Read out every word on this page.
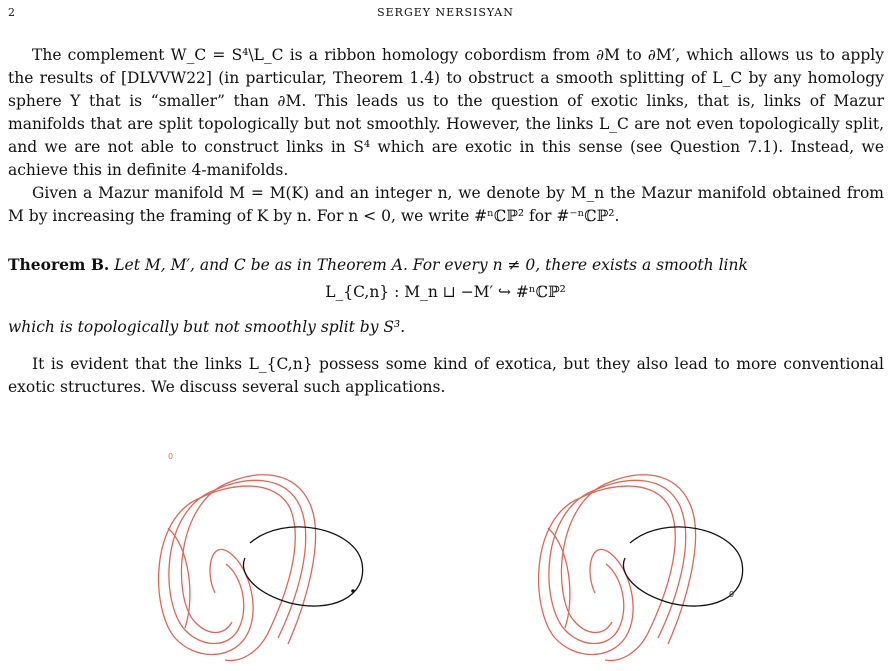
2	SERGEY NERSISYAN
The complement W_C = S⁴\L_C is a ribbon homology cobordism from ∂M to ∂M′, which allows us to apply the results of [DLVVW22] (in particular, Theorem 1.4) to obstruct a smooth splitting of L_C by any homology sphere Y that is “smaller” than ∂M. This leads us to the question of exotic links, that is, links of Mazur manifolds that are split topologically but not smoothly. However, the links L_C are not even topologically split, and we are not able to construct links in S⁴ which are exotic in this sense (see Question 7.1). Instead, we achieve this in definite 4-manifolds.
Given a Mazur manifold M = M(K) and an integer n, we denote by M_n the Mazur manifold obtained from M by increasing the framing of K by n. For n < 0, we write #ⁿℂℙ² for #⁻ⁿℂℙ².
Theorem B. Let M, M′, and C be as in Theorem A. For every n ≠ 0, there exists a smooth link
L_{C,n} : M_n ⊔ −M′ ↪ #ⁿℂℙ²
which is topologically but not smoothly split by S³.
It is evident that the links L_{C,n} possess some kind of exotica, but they also lead to more conventional exotic structures. We discuss several such applications.
0
0
